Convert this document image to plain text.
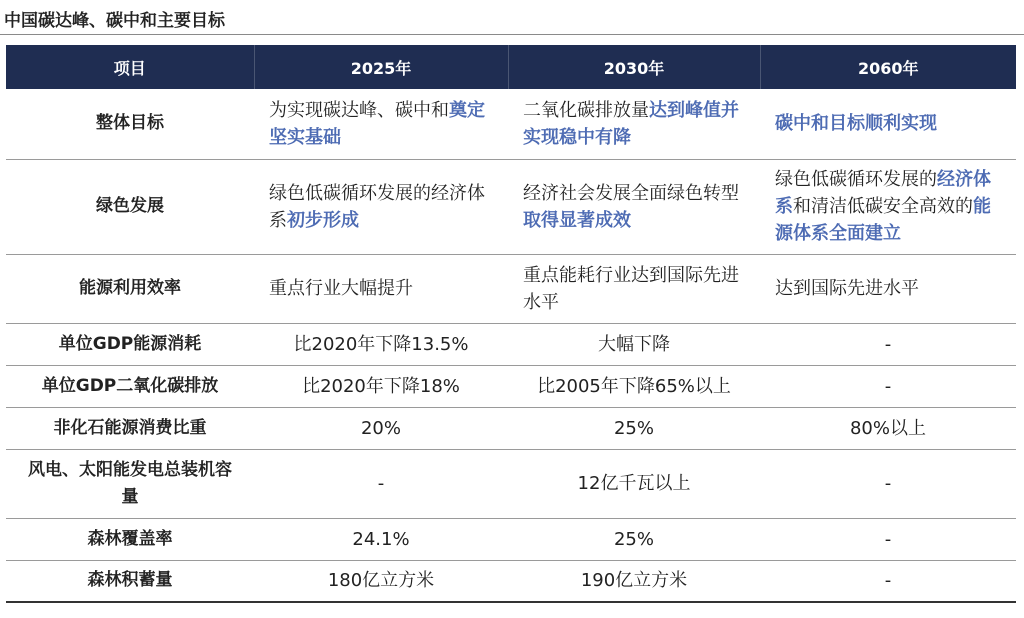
中国碳达峰、碳中和主要目标
项目	2025年	2030年	2060年
整体目标	为实现碳达峰、碳中和奠定坚实基础	二氧化碳排放量达到峰值并实现稳中有降	碳中和目标顺利实现
绿色发展	绿色低碳循环发展的经济体系初步形成	经济社会发展全面绿色转型取得显著成效	绿色低碳循环发展的经济体系和清洁低碳安全高效的能源体系全面建立
能源利用效率	重点行业大幅提升	重点能耗行业达到国际先进水平	达到国际先进水平
单位GDP能源消耗	比2020年下降13.5%	大幅下降	-
单位GDP二氧化碳排放	比2020年下降18%	比2005年下降65%以上	-
非化石能源消费比重	20%	25%	80%以上
风电、太阳能发电总装机容量	-	12亿千瓦以上	-
森林覆盖率	24.1%	25%	-
森林积蓄量	180亿立方米	190亿立方米	-
